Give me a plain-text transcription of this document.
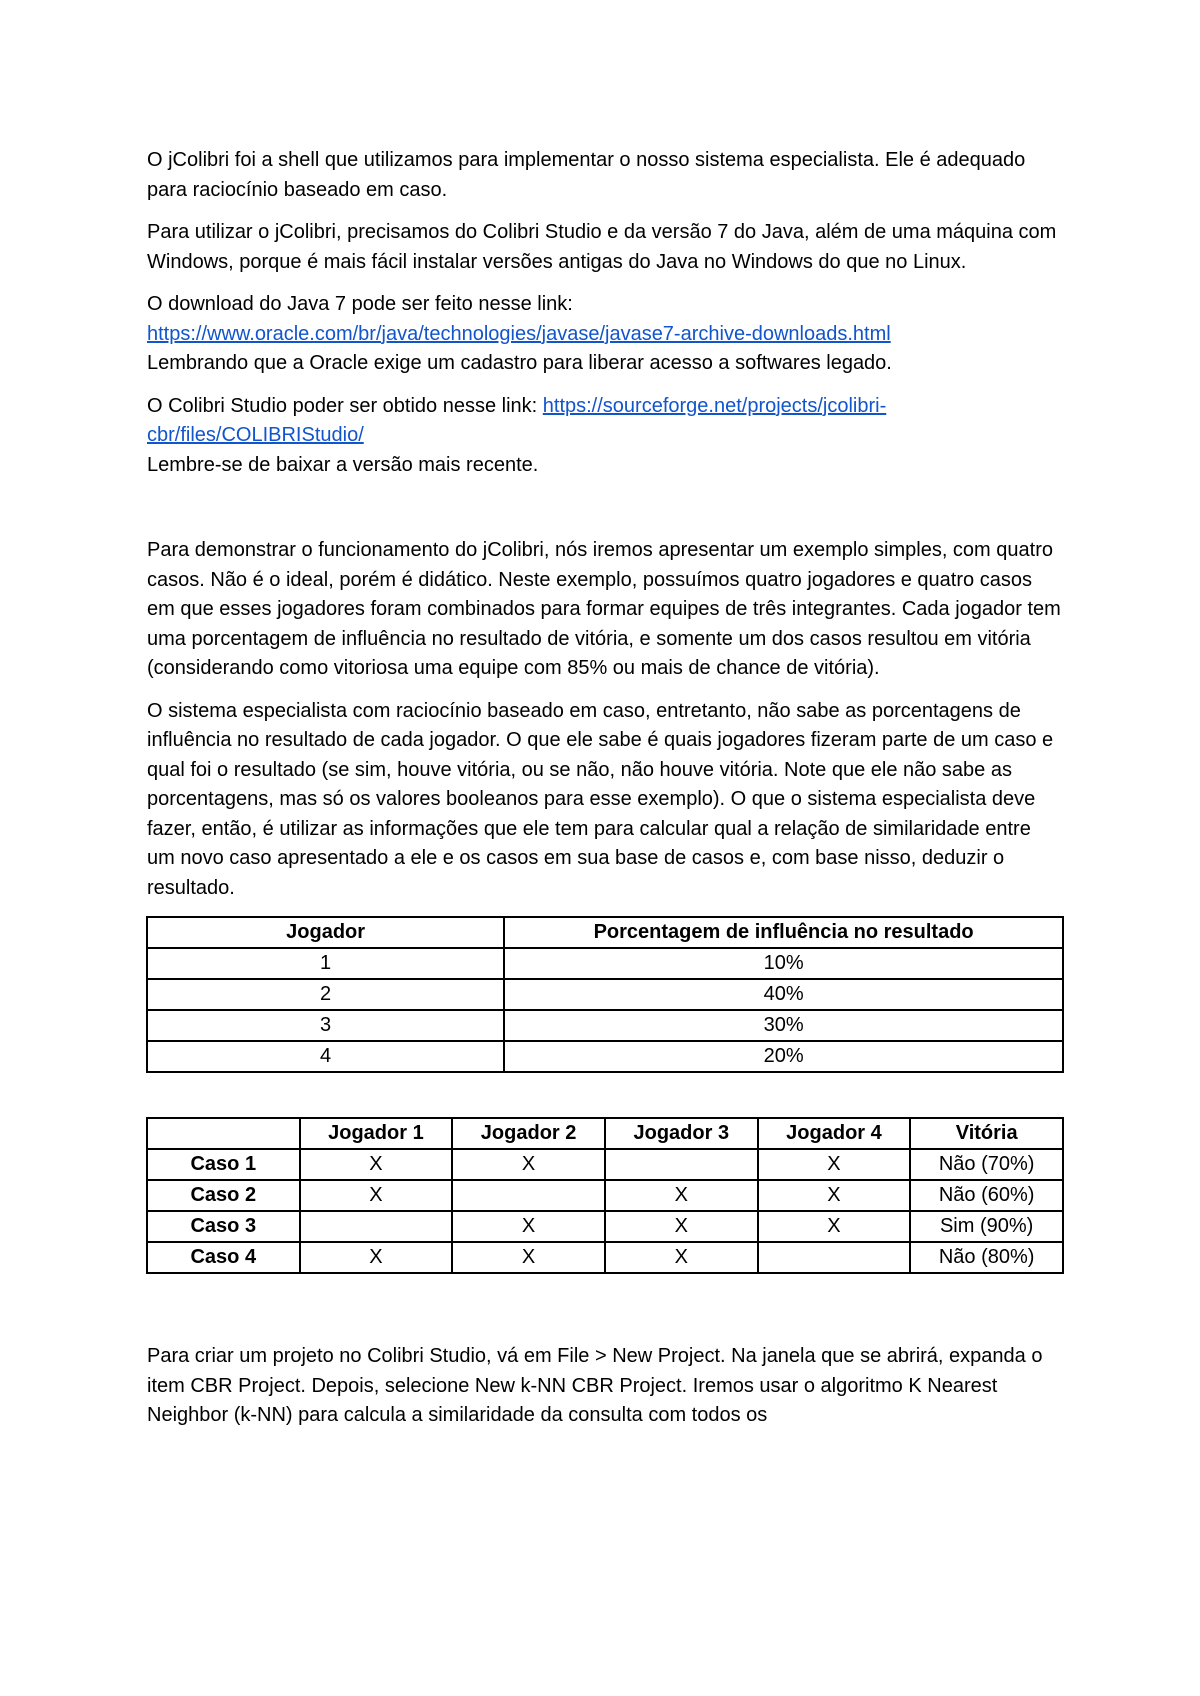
O jColibri foi a shell que utilizamos para implementar o nosso sistema especialista. Ele é adequado para raciocínio baseado em caso.

Para utilizar o jColibri, precisamos do Colibri Studio e da versão 7 do Java, além de uma máquina com Windows, porque é mais fácil instalar versões antigas do Java no Windows do que no Linux.

O download do Java 7 pode ser feito nesse link:
https://www.oracle.com/br/java/technologies/javase/javase7-archive-downloads.html
Lembrando que a Oracle exige um cadastro para liberar acesso a softwares legado.

O Colibri Studio poder ser obtido nesse link: https://sourceforge.net/projects/jcolibri-cbr/files/COLIBRIStudio/
Lembre-se de baixar a versão mais recente.

Para demonstrar o funcionamento do jColibri, nós iremos apresentar um exemplo simples, com quatro casos. Não é o ideal, porém é didático. Neste exemplo, possuímos quatro jogadores e quatro casos em que esses jogadores foram combinados para formar equipes de três integrantes. Cada jogador tem uma porcentagem de influência no resultado de vitória, e somente um dos casos resultou em vitória (considerando como vitoriosa uma equipe com 85% ou mais de chance de vitória).

O sistema especialista com raciocínio baseado em caso, entretanto, não sabe as porcentagens de influência no resultado de cada jogador. O que ele sabe é quais jogadores fizeram parte de um caso e qual foi o resultado (se sim, houve vitória, ou se não, não houve vitória. Note que ele não sabe as porcentagens, mas só os valores booleanos para esse exemplo). O que o sistema especialista deve fazer, então, é utilizar as informações que ele tem para calcular qual a relação de similaridade entre um novo caso apresentado a ele e os casos em sua base de casos e, com base nisso, deduzir o resultado.

Jogador	Porcentagem de influência no resultado
1	10%
2	40%
3	30%
4	20%
	Jogador 1	Jogador 2	Jogador 3	Jogador 4	Vitória
Caso 1	X	X		X	Não (70%)
Caso 2	X		X	X	Não (60%)
Caso 3		X	X	X	Sim (90%)
Caso 4	X	X	X		Não (80%)

Para criar um projeto no Colibri Studio, vá em File > New Project. Na janela que se abrirá, expanda o item CBR Project. Depois, selecione New k-NN CBR Project. Iremos usar o algoritmo K Nearest Neighbor (k-NN) para calcula a similaridade da consulta com todos os
